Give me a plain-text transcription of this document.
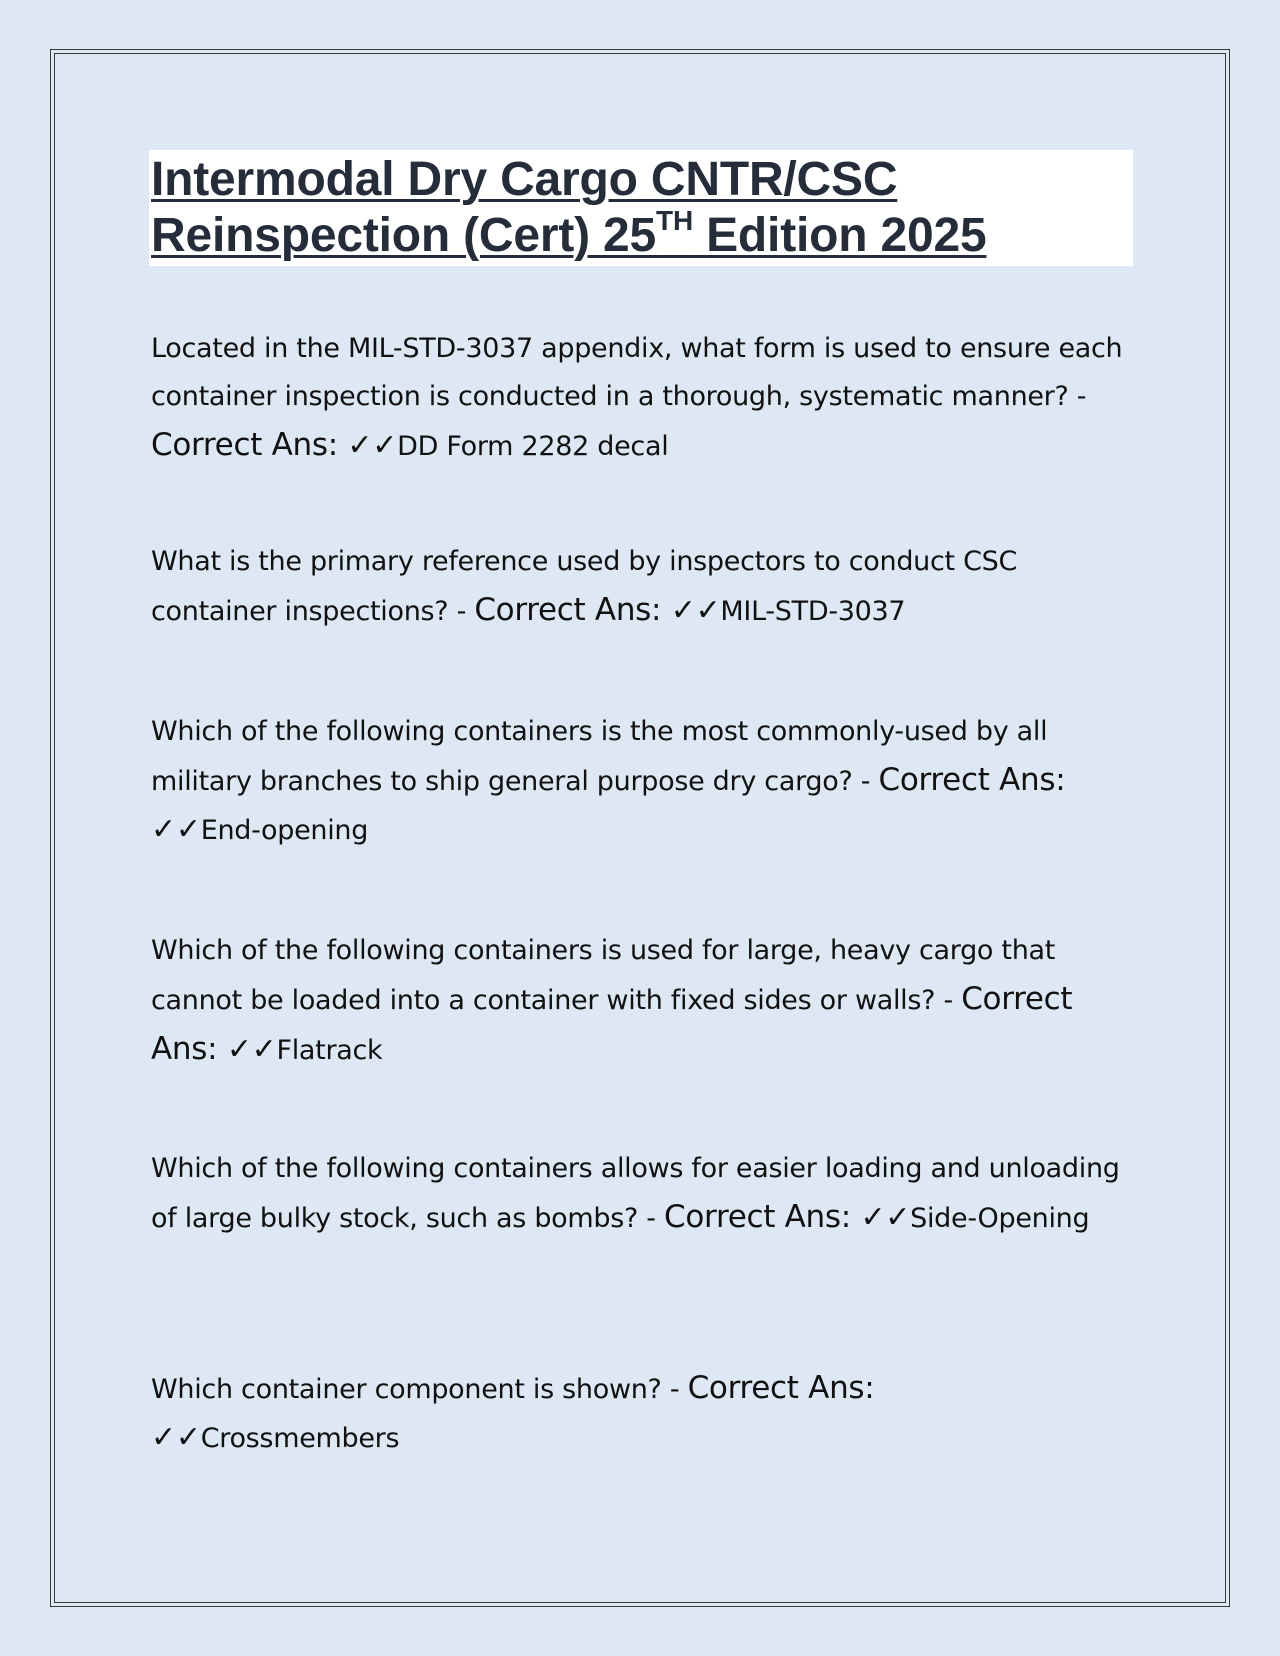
Intermodal Dry Cargo CNTR/CSC
Reinspection (Cert) 25TH Edition 2025

Located in the MIL-STD-3037 appendix, what form is used to ensure each container inspection is conducted in a thorough, systematic manner? - Correct Ans: ✓✓DD Form 2282 decal

What is the primary reference used by inspectors to conduct CSC container inspections? - Correct Ans: ✓✓MIL-STD-3037

Which of the following containers is the most commonly-used by all military branches to ship general purpose dry cargo? - Correct Ans: ✓✓End-opening

Which of the following containers is used for large, heavy cargo that cannot be loaded into a container with fixed sides or walls? - Correct Ans: ✓✓Flatrack

Which of the following containers allows for easier loading and unloading of large bulky stock, such as bombs? - Correct Ans: ✓✓Side-Opening

Which container component is shown? - Correct Ans: ✓✓Crossmembers
